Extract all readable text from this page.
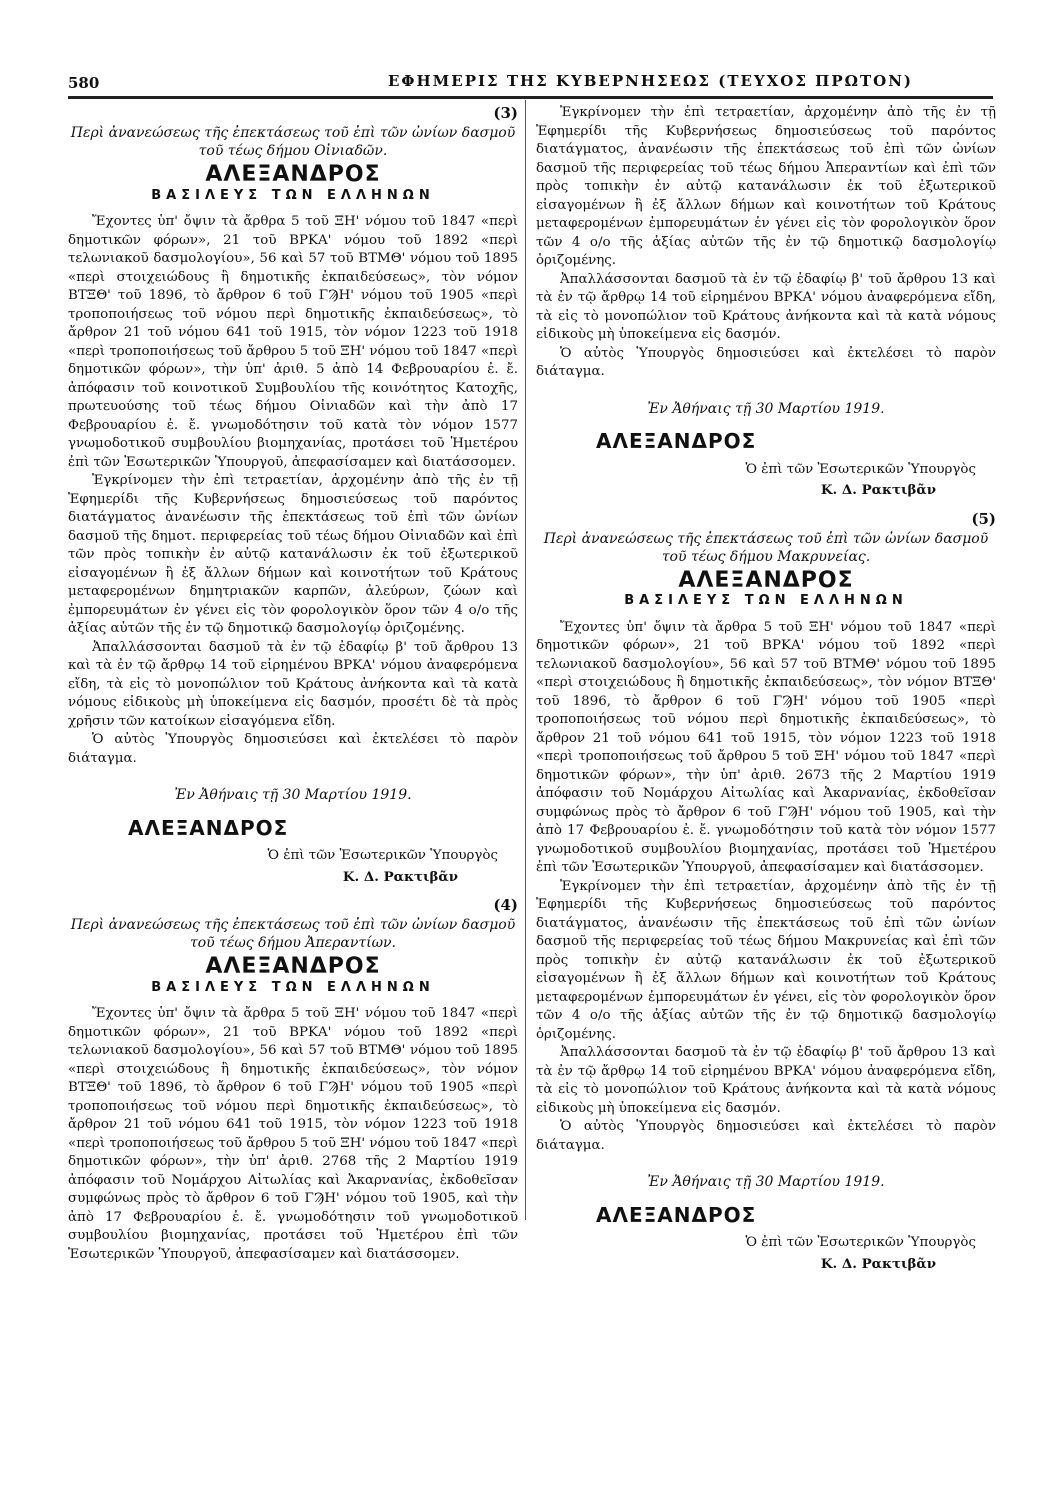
580	ΕΦΗΜΕΡΙΣ ΤΗΣ ΚΥΒΕΡΝΗΣΕΩΣ (ΤΕΥΧΟΣ ΠΡΩΤΟΝ)
(3)
Περὶ ἀνανεώσεως τῆς ἐπεκτάσεως τοῦ ἐπὶ τῶν ὠνίων δασμοῦ τοῦ τέως δήμου Οἰνιαδῶν.
ΑΛΕΞΑΝΔΡΟΣ
ΒΑΣΙΛΕΥΣ ΤΩΝ ΕΛΛΗΝΩΝ

Ἔχοντες ὑπ' ὄψιν τὰ ἄρθρα 5 τοῦ ΞΗ' νόμου τοῦ 1847 «περὶ δημοτικῶν φόρων», 21 τοῦ ΒΡΚΑ' νόμου τοῦ 1892 «περὶ τελωνιακοῦ δασμολογίου», 56 καὶ 57 τοῦ ΒΤΜΘ' νόμου τοῦ 1895 «περὶ στοιχειώδους ἢ δημοτικῆς ἐκπαιδεύσεως», τὸν νόμον ΒΤΞΘ' τοῦ 1896, τὸ ἄρθρον 6 τοῦ ΓϠΗ' νόμου τοῦ 1905 «περὶ τροποποιήσεως τοῦ νόμου περὶ δημοτικῆς ἐκπαιδεύσεως», τὸ ἄρθρον 21 τοῦ νόμου 641 τοῦ 1915, τὸν νόμον 1223 τοῦ 1918 «περὶ τροποποιήσεως τοῦ ἄρθρου 5 τοῦ ΞΗ' νόμου τοῦ 1847 «περὶ δημοτικῶν φόρων», τὴν ὑπ' ἀριθ. 5 ἀπὸ 14 Φεβρουαρίου ἐ. ἔ. ἀπόφασιν τοῦ κοινοτικοῦ Συμβουλίου τῆς κοινότητος Κατοχῆς, πρωτευούσης τοῦ τέως δήμου Οἰνιαδῶν καὶ τὴν ἀπὸ 17 Φεβρουαρίου ἐ. ἔ. γνωμοδότησιν τοῦ κατὰ τὸν νόμον 1577 γνωμοδοτικοῦ συμβουλίου βιομηχανίας, προτάσει τοῦ Ἡμετέρου ἐπὶ τῶν Ἐσωτερικῶν Ὑπουργοῦ, ἀπεφασίσαμεν καὶ διατάσσομεν.

Ἐγκρίνομεν τὴν ἐπὶ τετραετίαν, ἀρχομένην ἀπὸ τῆς ἐν τῇ Ἐφημερίδι τῆς Κυβερνήσεως δημοσιεύσεως τοῦ παρόντος διατάγματος ἀνανέωσιν τῆς ἐπεκτάσεως τοῦ ἐπὶ τῶν ὠνίων δασμοῦ τῆς δημοτ. περιφερείας τοῦ τέως δήμου Οἰνιαδῶν καὶ ἐπὶ τῶν πρὸς τοπικὴν ἐν αὐτῷ κατανάλωσιν ἐκ τοῦ ἐξωτερικοῦ εἰσαγομένων ἢ ἐξ ἄλλων δήμων καὶ κοινοτήτων τοῦ Κράτους μεταφερομένων δημητριακῶν καρπῶν, ἀλεύρων, ζώων καὶ ἐμπορευμάτων ἐν γένει εἰς τὸν φορολογικὸν ὅρον τῶν 4 ο/ο τῆς ἀξίας αὐτῶν τῆς ἐν τῷ δημοτικῷ δασμολογίῳ ὁριζομένης.

Ἀπαλλάσσονται δασμοῦ τὰ ἐν τῷ ἐδαφίῳ β' τοῦ ἄρθρου 13 καὶ τὰ ἐν τῷ ἄρθρῳ 14 τοῦ εἰρημένου ΒΡΚΑ' νόμου ἀναφερόμενα εἴδη, τὰ εἰς τὸ μονοπώλιον τοῦ Κράτους ἀνήκοντα καὶ τὰ κατὰ νόμους εἰδικοὺς μὴ ὑποκείμενα εἰς δασμόν, προσέτι δὲ τὰ πρὸς χρῆσιν τῶν κατοίκων εἰσαγόμενα εἴδη.

Ὁ αὐτὸς Ὑπουργὸς δημοσιεύσει καὶ ἐκτελέσει τὸ παρὸν διάταγμα.

Ἐν Ἀθήναις τῇ 30 Μαρτίου 1919.
ΑΛΕΞΑΝΔΡΟΣ
Ὁ ἐπὶ τῶν Ἐσωτερικῶν Ὑπουργὸς
Κ. Δ. Ρακτιβᾶν
(4)
Περὶ ἀνανεώσεως τῆς ἐπεκτάσεως τοῦ ἐπὶ τῶν ὠνίων δασμοῦ τοῦ τέως δήμου Ἀπεραντίων.
ΑΛΕΞΑΝΔΡΟΣ
ΒΑΣΙΛΕΥΣ ΤΩΝ ΕΛΛΗΝΩΝ

Ἔχοντες ὑπ' ὄψιν τὰ ἄρθρα 5 τοῦ ΞΗ' νόμου τοῦ 1847 «περὶ δημοτικῶν φόρων», 21 τοῦ ΒΡΚΑ' νόμου τοῦ 1892 «περὶ τελωνιακοῦ δασμολογίου», 56 καὶ 57 τοῦ ΒΤΜΘ' νόμου τοῦ 1895 «περὶ στοιχειώδους ἢ δημοτικῆς ἐκπαιδεύσεως», τὸν νόμον ΒΤΞΘ' τοῦ 1896, τὸ ἄρθρον 6 τοῦ ΓϠΗ' νόμου τοῦ 1905 «περὶ τροποποιήσεως τοῦ νόμου περὶ δημοτικῆς ἐκπαιδεύσεως», τὸ ἄρθρον 21 τοῦ νόμου 641 τοῦ 1915, τὸν νόμον 1223 τοῦ 1918 «περὶ τροποποιήσεως τοῦ ἄρθρου 5 τοῦ ΞΗ' νόμου τοῦ 1847 «περὶ δημοτικῶν φόρων», τὴν ὑπ' ἀριθ. 2768 τῆς 2 Μαρτίου 1919 ἀπόφασιν τοῦ Νομάρχου Αἰτωλίας καὶ Ἀκαρνανίας, ἐκδοθεῖσαν συμφώνως πρὸς τὸ ἄρθρον 6 τοῦ ΓϠΗ' νόμου τοῦ 1905, καὶ τὴν ἀπὸ 17 Φεβρουαρίου ἐ. ἔ. γνωμοδότησιν τοῦ γνωμοδοτικοῦ συμβουλίου βιομηχανίας, προτάσει τοῦ Ἡμετέρου ἐπὶ τῶν Ἐσωτερικῶν Ὑπουργοῦ, ἀπεφασίσαμεν καὶ διατάσσομεν.

Ἐγκρίνομεν τὴν ἐπὶ τετραετίαν, ἀρχομένην ἀπὸ τῆς ἐν τῇ Ἐφημερίδι τῆς Κυβερνήσεως δημοσιεύσεως τοῦ παρόντος διατάγματος, ἀνανέωσιν τῆς ἐπεκτάσεως τοῦ ἐπὶ τῶν ὠνίων δασμοῦ τῆς περιφερείας τοῦ τέως δήμου Ἀπεραντίων καὶ ἐπὶ τῶν πρὸς τοπικὴν ἐν αὐτῷ κατανάλωσιν ἐκ τοῦ ἐξωτερικοῦ εἰσαγομένων ἢ ἐξ ἄλλων δήμων καὶ κοινοτήτων τοῦ Κράτους μεταφερομένων ἐμπορευμάτων ἐν γένει εἰς τὸν φορολογικὸν ὅρον τῶν 4 ο/ο τῆς ἀξίας αὐτῶν τῆς ἐν τῷ δημοτικῷ δασμολογίῳ ὁριζομένης.

Ἀπαλλάσσονται δασμοῦ τὰ ἐν τῷ ἐδαφίῳ β' τοῦ ἄρθρου 13 καὶ τὰ ἐν τῷ ἄρθρῳ 14 τοῦ εἰρημένου ΒΡΚΑ' νόμου ἀναφερόμενα εἴδη, τὰ εἰς τὸ μονοπώλιον τοῦ Κράτους ἀνήκοντα καὶ τὰ κατὰ νόμους εἰδικοὺς μὴ ὑποκείμενα εἰς δασμόν.

Ὁ αὐτὸς Ὑπουργὸς δημοσιεύσει καὶ ἐκτελέσει τὸ παρὸν διάταγμα.

Ἐν Ἀθήναις τῇ 30 Μαρτίου 1919.
ΑΛΕΞΑΝΔΡΟΣ
Ὁ ἐπὶ τῶν Ἐσωτερικῶν Ὑπουργὸς
Κ. Δ. Ρακτιβᾶν
(5)
Περὶ ἀνανεώσεως τῆς ἐπεκτάσεως τοῦ ἐπὶ τῶν ὠνίων δασμοῦ τοῦ τέως δήμου Μακρυνείας.
ΑΛΕΞΑΝΔΡΟΣ
ΒΑΣΙΛΕΥΣ ΤΩΝ ΕΛΛΗΝΩΝ

Ἔχοντες ὑπ' ὄψιν τὰ ἄρθρα 5 τοῦ ΞΗ' νόμου τοῦ 1847 «περὶ δημοτικῶν φόρων», 21 τοῦ ΒΡΚΑ' νόμου τοῦ 1892 «περὶ τελωνιακοῦ δασμολογίου», 56 καὶ 57 τοῦ ΒΤΜΘ' νόμου τοῦ 1895 «περὶ στοιχειώδους ἢ δημοτικῆς ἐκπαιδεύσεως», τὸν νόμον ΒΤΞΘ' τοῦ 1896, τὸ ἄρθρον 6 τοῦ ΓϠΗ' νόμου τοῦ 1905 «περὶ τροποποιήσεως τοῦ νόμου περὶ δημοτικῆς ἐκπαιδεύσεως», τὸ ἄρθρον 21 τοῦ νόμου 641 τοῦ 1915, τὸν νόμον 1223 τοῦ 1918 «περὶ τροποποιήσεως τοῦ ἄρθρου 5 τοῦ ΞΗ' νόμου τοῦ 1847 «περὶ δημοτικῶν φόρων», τὴν ὑπ' ἀριθ. 2673 τῆς 2 Μαρτίου 1919 ἀπόφασιν τοῦ Νομάρχου Αἰτωλίας καὶ Ἀκαρνανίας, ἐκδοθεῖσαν συμφώνως πρὸς τὸ ἄρθρον 6 τοῦ ΓϠΗ' νόμου τοῦ 1905, καὶ τὴν ἀπὸ 17 Φεβρουαρίου ἐ. ἔ. γνωμοδότησιν τοῦ κατὰ τὸν νόμον 1577 γνωμοδοτικοῦ συμβουλίου βιομηχανίας, προτάσει τοῦ Ἡμετέρου ἐπὶ τῶν Ἐσωτερικῶν Ὑπουργοῦ, ἀπεφασίσαμεν καὶ διατάσσομεν.

Ἐγκρίνομεν τὴν ἐπὶ τετραετίαν, ἀρχομένην ἀπὸ τῆς ἐν τῇ Ἐφημερίδι τῆς Κυβερνήσεως δημοσιεύσεως τοῦ παρόντος διατάγματος, ἀνανέωσιν τῆς ἐπεκτάσεως τοῦ ἐπὶ τῶν ὠνίων δασμοῦ τῆς περιφερείας τοῦ τέως δήμου Μακρυνείας καὶ ἐπὶ τῶν πρὸς τοπικὴν ἐν αὐτῷ κατανάλωσιν ἐκ τοῦ ἐξωτερικοῦ εἰσαγομένων ἢ ἐξ ἄλλων δήμων καὶ κοινοτήτων τοῦ Κράτους μεταφερομένων ἐμπορευμάτων ἐν γένει, εἰς τὸν φορολογικὸν ὅρον τῶν 4 ο/ο τῆς ἀξίας αὐτῶν τῆς ἐν τῷ δημοτικῷ δασμολογίῳ ὁριζομένης.

Ἀπαλλάσσονται δασμοῦ τὰ ἐν τῷ ἐδαφίῳ β' τοῦ ἄρθρου 13 καὶ τὰ ἐν τῷ ἄρθρῳ 14 τοῦ εἰρημένου ΒΡΚΑ' νόμου ἀναφερόμενα εἴδη, τὰ εἰς τὸ μονοπώλιον τοῦ Κράτους ἀνήκοντα καὶ τὰ κατὰ νόμους εἰδικοὺς μὴ ὑποκείμενα εἰς δασμόν.

Ὁ αὐτὸς Ὑπουργὸς δημοσιεύσει καὶ ἐκτελέσει τὸ παρὸν διάταγμα.

Ἐν Ἀθήναις τῇ 30 Μαρτίου 1919.
ΑΛΕΞΑΝΔΡΟΣ
Ὁ ἐπὶ τῶν Ἐσωτερικῶν Ὑπουργὸς
Κ. Δ. Ρακτιβᾶν
